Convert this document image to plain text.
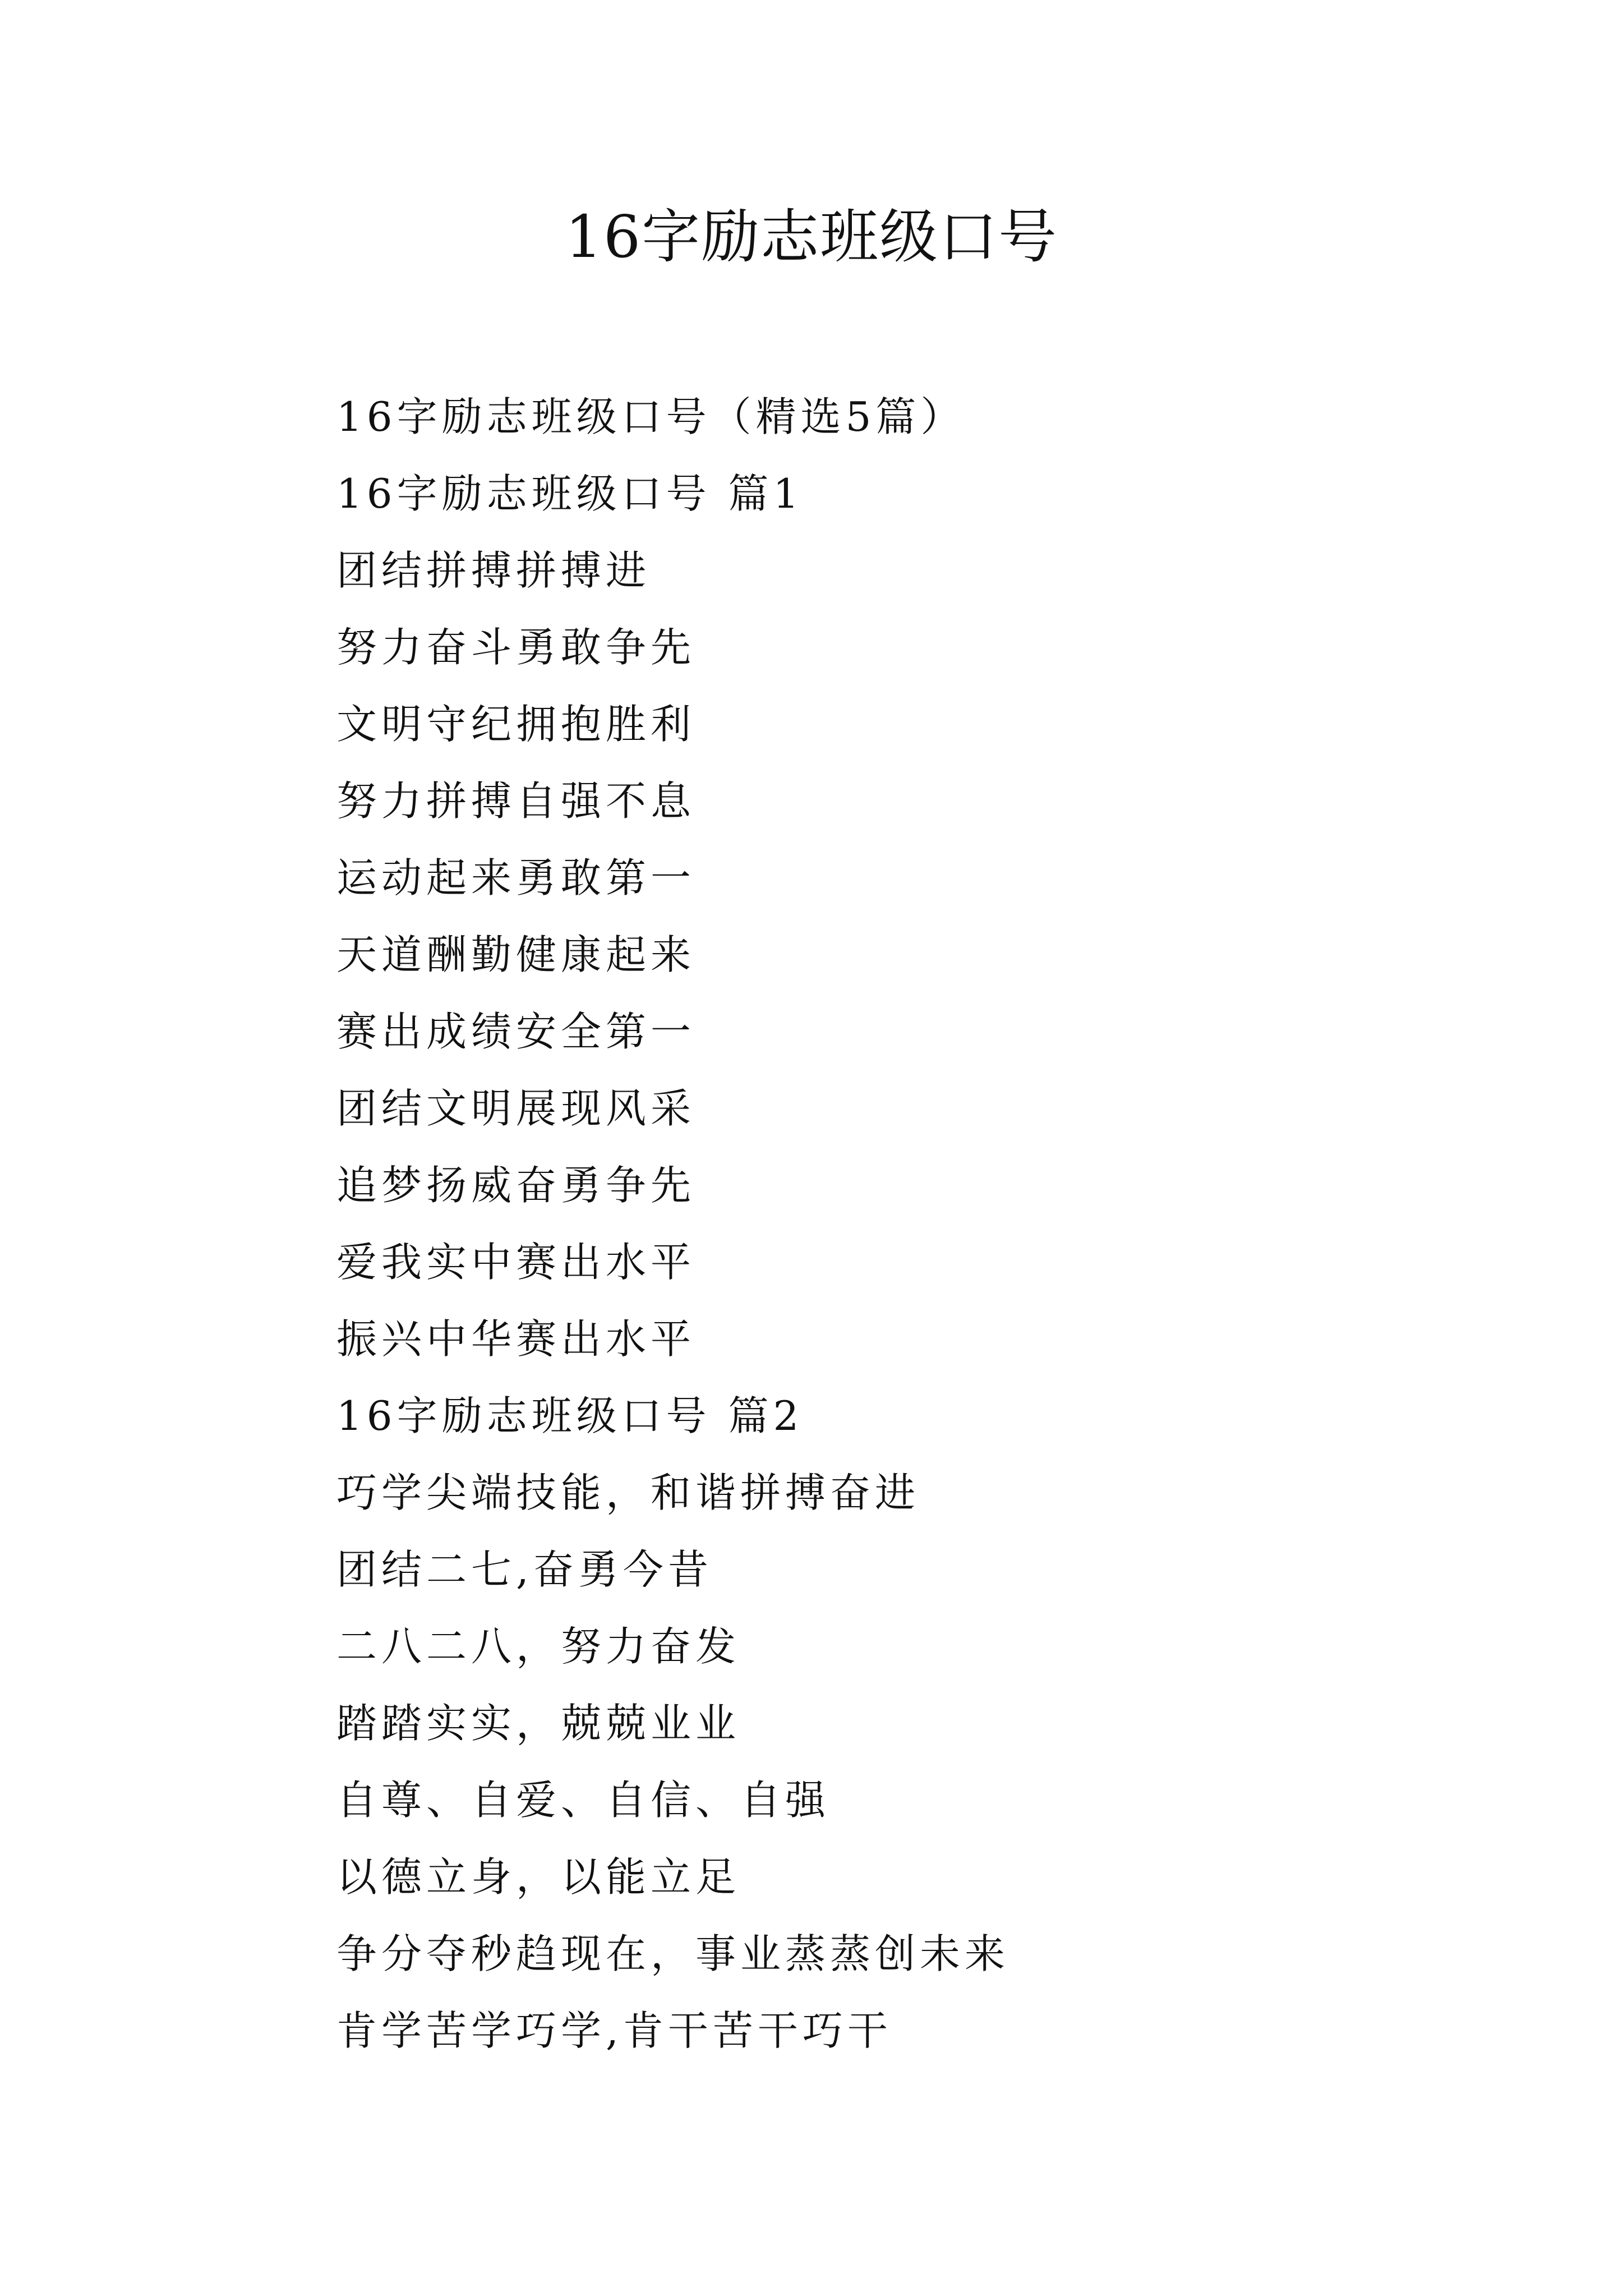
16字励志班级口号
16字励志班级口号（精选5篇）
16字励志班级口号 篇1
团结拼搏拼搏进
努力奋斗勇敢争先
文明守纪拥抱胜利
努力拼搏自强不息
运动起来勇敢第一
天道酬勤健康起来
赛出成绩安全第一
团结文明展现风采
追梦扬威奋勇争先
爱我实中赛出水平
振兴中华赛出水平
16字励志班级口号 篇2
巧学尖端技能，和谐拼搏奋进
团结二七,奋勇今昔
二八二八，努力奋发
踏踏实实，兢兢业业
自尊、自爱、自信、自强
以德立身，以能立足
争分夺秒趋现在，事业蒸蒸创未来
肯学苦学巧学,肯干苦干巧干
